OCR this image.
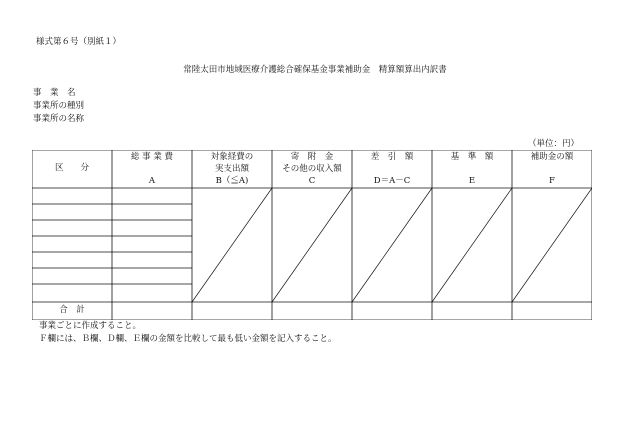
様式第６号（別紙１）
常陸太田市地域医療介護総合確保基金事業補助金　精算額算出内訳書
事　業　名
事業所の種別
事業所の名称
（単位：円）
区　　分
総 事 業 費
A
対象経費の
実支出額
B（≦A)
寄　附　金
その他の収入額
C
差　引　額
D＝A－C
基　準　額
E
補助金の額
F
合　計
事業ごとに作成すること。
Ｆ欄には、Ｂ欄、Ｄ欄、Ｅ欄の金額を比較して最も低い金額を記入すること。
